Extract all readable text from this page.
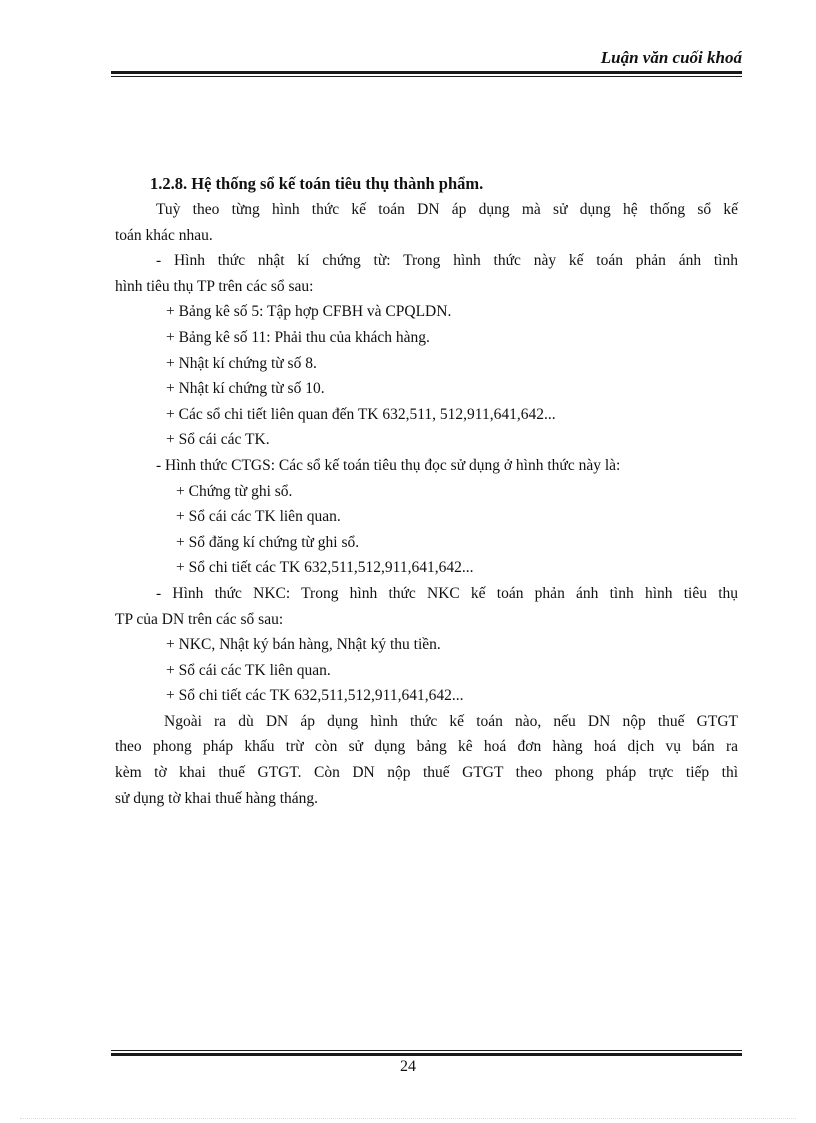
Luận văn cuối khoá
1.2.8. Hệ thống sổ kế toán tiêu thụ thành phẩm.
Tuỳ theo từng hình thức kế toán DN áp dụng mà sử dụng hệ thống sổ kế
toán khác nhau.
- Hình thức nhật kí chứng từ: Trong hình thức này kế toán phản ánh tình
hình tiêu thụ TP trên các sổ sau:
+ Bảng kê số 5: Tập hợp CFBH và CPQLDN.
+ Bảng kê số 11: Phải thu của khách hàng.
+ Nhật kí chứng từ số 8.
+ Nhật kí chứng từ số 10.
+ Các sổ chi tiết liên quan đến TK 632,511, 512,911,641,642...
+ Sổ cái các TK.
- Hình thức CTGS: Các sổ kế toán tiêu thụ đọc sử dụng ở hình thức này là:
+ Chứng từ ghi sổ.
+ Sổ cái các TK liên quan.
+ Sổ đăng kí chứng từ ghi sổ.
+ Sổ chi tiết các TK 632,511,512,911,641,642...
- Hình thức NKC: Trong hình thức NKC kế toán phản ánh tình hình tiêu thụ
TP của DN trên các sổ sau:
+ NKC, Nhật ký bán hàng, Nhật ký thu tiền.
+ Sổ cái các TK liên quan.
+ Sổ chi tiết các TK 632,511,512,911,641,642...
Ngoài ra dù DN áp dụng hình thức kế toán nào, nếu DN nộp thuế GTGT
theo phong pháp khấu trừ còn sử dụng bảng kê hoá đơn hàng hoá dịch vụ bán ra
kèm tờ khai thuế GTGT. Còn DN nộp thuế GTGT theo phong pháp trực tiếp thì
sử dụng tờ khai thuế hàng tháng.
24
